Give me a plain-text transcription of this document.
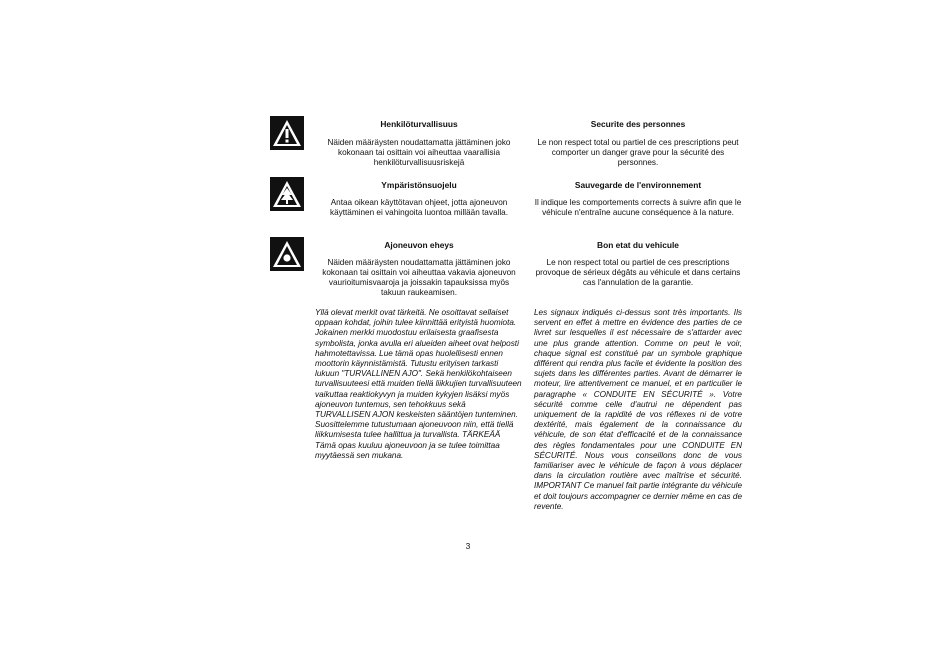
Henkilöturvallisuus
Näiden määräysten noudattamatta jättäminen joko kokonaan tai osittain voi aiheuttaa vaarallisia henkilöturvallisuusriskejä
Securite des personnes
Le non respect total ou partiel de ces prescriptions peut comporter un danger grave pour la sécurité des personnes.
Ympäristönsuojelu
Antaa oikean käyttötavan ohjeet, jotta ajoneuvon käyttäminen ei vahingoita luontoa millään tavalla.
Sauvegarde de l'environnement
Il indique les comportements corrects à suivre afin que le véhicule n'entraîne aucune conséquence à la nature.
Ajoneuvon eheys
Näiden määräysten noudattamatta jättäminen joko kokonaan tai osittain voi aiheuttaa vakavia ajoneuvon vaurioitumisvaaroja ja joissakin tapauksissa myös takuun raukeamisen.
Bon etat du vehicule
Le non respect total ou partiel de ces prescriptions provoque de sérieux dégâts au véhicule et dans certains cas l'annulation de la garantie.
Yllä olevat merkit ovat tärkeitä. Ne osoittavat sellaiset oppaan kohdat, joihin tulee kiinnittää erityistä huomiota. Jokainen merkki muodostuu erilaisesta graafisesta symbolista, jonka avulla eri alueiden aiheet ovat helposti hahmotettavissa. Lue tämä opas huolellisesti ennen moottorin käynnistämistä. Tutustu erityisen tarkasti lukuun "TURVALLINEN AJO". Sekä henkilökohtaiseen turvallisuuteesi että muiden tiellä liikkujien turvallisuuteen vaikuttaa reaktiokyvyn ja muiden kykyjen lisäksi myös ajoneuvon tuntemus, sen tehokkuus sekä TURVALLISEN AJON keskeisten sääntöjen tunteminen. Suosittelemme tutustumaan ajoneuvoon niin, että tiellä liikkumisesta tulee hallittua ja turvallista. TÄRKEÄÄ Tämä opas kuuluu ajoneuvoon ja se tulee toimittaa myytäessä sen mukana.
Les signaux indiqués ci-dessus sont très importants. Ils servent en effet à mettre en évidence des parties de ce livret sur lesquelles il est nécessaire de s'attarder avec une plus grande attention. Comme on peut le voir, chaque signal est constitué par un symbole graphique différent qui rendra plus facile et évidente la position des sujets dans les différentes parties. Avant de démarrer le moteur, lire attentivement ce manuel, et en particulier le paragraphe « CONDUITE EN SÉCURITÉ ». Votre sécurité comme celle d'autrui ne dépendent pas uniquement de la rapidité de vos réflexes ni de votre dextérité, mais également de la connaissance du véhicule, de son état d'efficacité et de la connaissance des règles fondamentales pour une CONDUITE EN SÉCURITÉ. Nous vous conseillons donc de vous familiariser avec le véhicule de façon à vous déplacer dans la circulation routière avec maîtrise et sécurité. IMPORTANT Ce manuel fait partie intégrante du véhicule et doit toujours accompagner ce dernier même en cas de revente.
3
